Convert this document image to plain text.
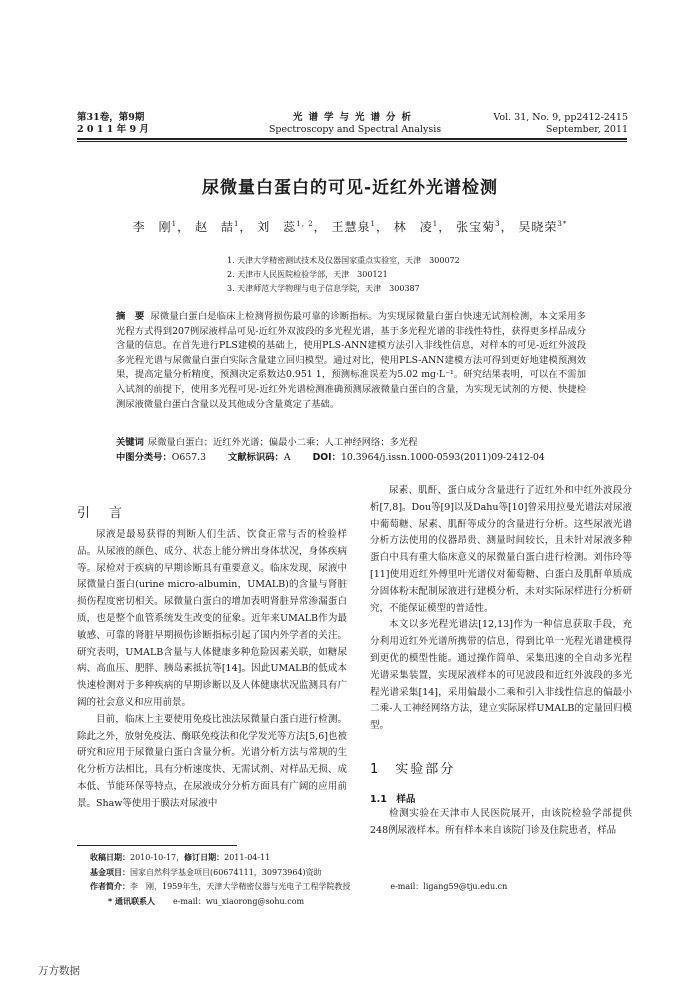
第31卷，第9期
2 0 1 1 年 9 月
光谱学与光谱分析
Spectroscopy and Spectral Analysis
Vol. 31, No. 9, pp2412-2415
September, 2011
尿微量白蛋白的可见-近红外光谱检测
李　刚$^1$， 赵　喆$^1$， 刘　蕊$^{1, 2}$， 王慧泉$^1$， 林　凌$^1$， 张宝菊$^3$， 吴晓荣$^{3*}$
1. 天津大学精密测试技术及仪器国家重点实验室，天津　300072
2. 天津市人民医院检验学部，天津　300121
3. 天津师范大学物理与电子信息学院，天津　300387
摘　要 尿微量白蛋白是临床上检测肾损伤最可靠的诊断指标。为实现尿微量白蛋白快速无试剂检测，本文采用多光程方式得到207例尿液样品可见-近红外双波段的多光程光谱，基于多光程光谱的非线性特性，获得更多样品成分含量的信息。在首先进行PLS建模的基础上，使用PLS-ANN建模方法引入非线性信息，对样本的可见-近红外波段多光程光谱与尿微量白蛋白实际含量建立回归模型。通过对比，使用PLS-ANN建模方法可得到更好地建模预测效果，提高定量分析精度，预测决定系数达0.951 1，预测标准误差为5.02 mg·L⁻¹。研究结果表明，可以在不需加入试剂的前提下，使用多光程可见-近红外光谱检测准确预测尿液微量白蛋白的含量，为实现无试剂的方便、快捷检测尿液微量白蛋白含量以及其他成分含量奠定了基础。
关键词 尿微量白蛋白；近红外光谱；偏最小二乘；人工神经网络；多光程
中图分类号：O657.3 文献标识码：A DOI：10.3964/j.issn.1000-0593(2011)09-2412-04
引　言

尿液是最易获得的判断人们生活、饮食正常与否的检验样品。从尿液的颜色、成分、状态上能分辨出身体状况，身体疾病等。尿检对于疾病的早期诊断具有重要意义。临床发现，尿液中尿微量白蛋白(urine micro-albumin，UMALB)的含量与肾脏损伤程度密切相关。尿微量白蛋白的增加表明肾脏异常渗漏蛋白质，也是整个血管系统发生改变的征象。近年来UMALB作为最敏感、可靠的肾脏早期损伤诊断指标引起了国内外学者的关注。研究表明，UMALB含量与人体健康多种危险因素关联，如糖尿病、高血压、肥胖、胰岛素抵抗等[14]。因此UMALB的低成本快速检测对于多种疾病的早期诊断以及人体健康状况监测具有广阔的社会意义和应用前景。

目前，临床上主要使用免疫比浊法尿微量白蛋白进行检测。除此之外，放射免疫法、酶联免疫法和化学发光等方法[5,6]也被研究和应用于尿微量白蛋白含量分析。光谱分析方法与常规的生化分析方法相比，具有分析速度快、无需试剂、对样品无损、成本低、节能环保等特点，在尿液成分分析方面具有广阔的应用前景。Shaw等使用于膜法对尿液中

尿素、肌酐、蛋白成分含量进行了近红外和中红外波段分析[7,8]。Dou等[9]以及Dahu等[10]曾采用拉曼光谱法对尿液中葡萄糖、尿素、肌酐等成分的含量进行分析。这些尿液光谱分析方法使用的仪器昂贵、测量时间较长，且未针对尿液多种蛋白中具有重大临床意义的尿微量白蛋白进行检测。刘伟玲等[11]使用近红外傅里叶光谱仪对葡萄糖、白蛋白及肌酐单质成分固体粉末配制尿液进行建模分析，未对实际尿样进行分析研究，不能保证模型的普适性。

本文以多光程光谱法[12,13]作为一种信息获取手段，充分利用近红外光谱所携带的信息，得到比单一光程光谱建模得到更优的模型性能。通过操作简单、采集迅速的全自动多光程光谱采集装置，实现尿液样本的可见波段和近红外波段的多光程光谱采集[14]，采用偏最小二乘和引入非线性信息的偏最小二乘-人工神经网络方法，建立实际尿样UMALB的定量回归模型。

1　实验部分
1.1　样品

检测实验在天津市人民医院展开，由该院检验学部提供248例尿液样本。所有样本来自该院门诊及住院患者，样品

收稿日期：2010-10-17，修订日期：2011-04-11
基金项目：国家自然科学基金项目(60674111，30973964)资助
作者简介：李　刚，1959年生，天津大学精密仪器与光电子工程学院教授	e-mail：ligang59@tju.edu.cn
* 通讯联系人 e-mail：wu_xiaorong@sohu.com
万方数据
